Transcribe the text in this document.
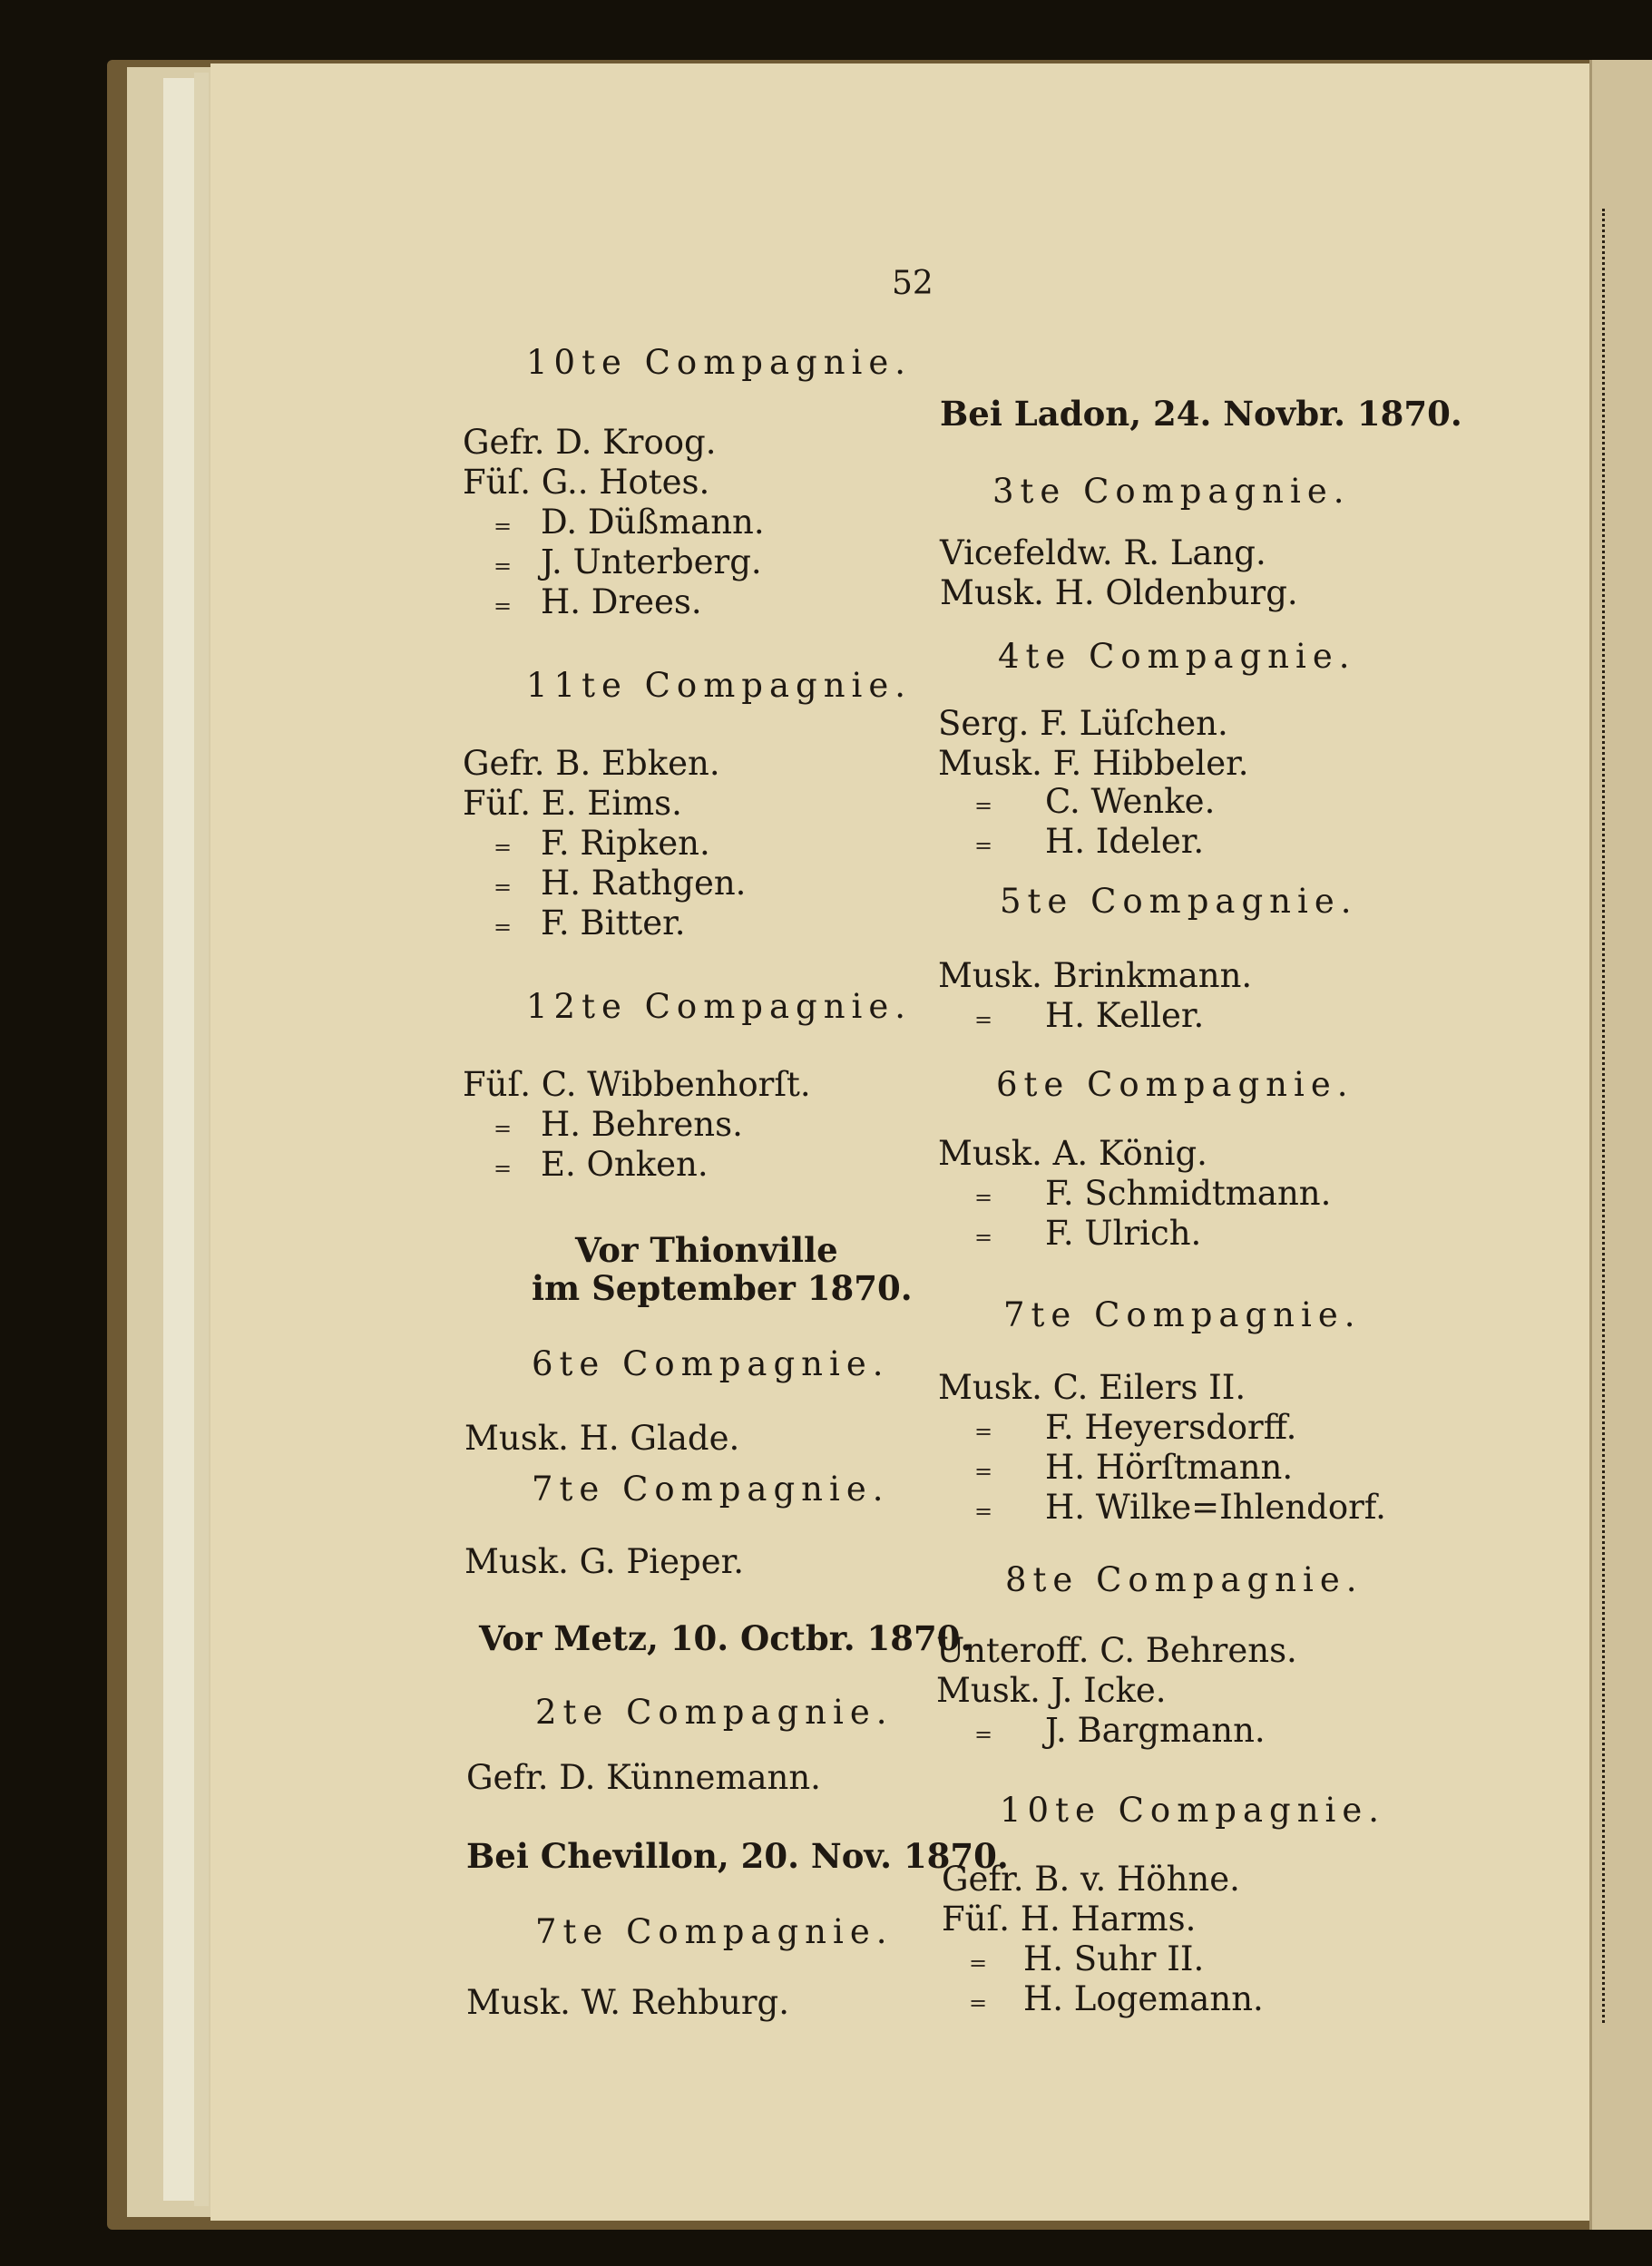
52
10te Compagnie.
Gefr. D. Kroog.
Füſ. G.. Hotes.
= D. Düßmann.
= J. Unterberg.
= H. Drees.
11te Compagnie.
Gefr. B. Ebken.
Füſ. E. Eims.
= F. Ripken.
= H. Rathgen.
= F. Bitter.
12te Compagnie.
Füſ. C. Wibbenhorſt.
= H. Behrens.
= E. Onken.
Vor Thionville
im September 1870.
6te Compagnie.
Musk. H. Glade.
7te Compagnie.
Musk. G. Pieper.
Vor Metz, 10. Octbr. 1870.
2te Compagnie.
Gefr. D. Künnemann.
Bei Chevillon, 20. Nov. 1870.
7te Compagnie.
Musk. W. Rehburg.
Bei Ladon, 24. Novbr. 1870.
3te Compagnie.
Vicefeldw. R. Lang.
Musk. H. Oldenburg.
4te Compagnie.
Serg. F. Lüſchen.
Musk. F. Hibbeler.
= C. Wenke.
= H. Ideler.
5te Compagnie.
Musk. Brinkmann.
= H. Keller.
6te Compagnie.
Musk. A. König.
= F. Schmidtmann.
= F. Ulrich.
7te Compagnie.
Musk. C. Eilers II.
= F. Heyersdorff.
= H. Hörſtmann.
= H. Wilke=Ihlendorf.
8te Compagnie.
Unteroff. C. Behrens.
Musk. J. Icke.
= J. Bargmann.
10te Compagnie.
Gefr. B. v. Höhne.
Füſ. H. Harms.
= H. Suhr II.
= H. Logemann.
